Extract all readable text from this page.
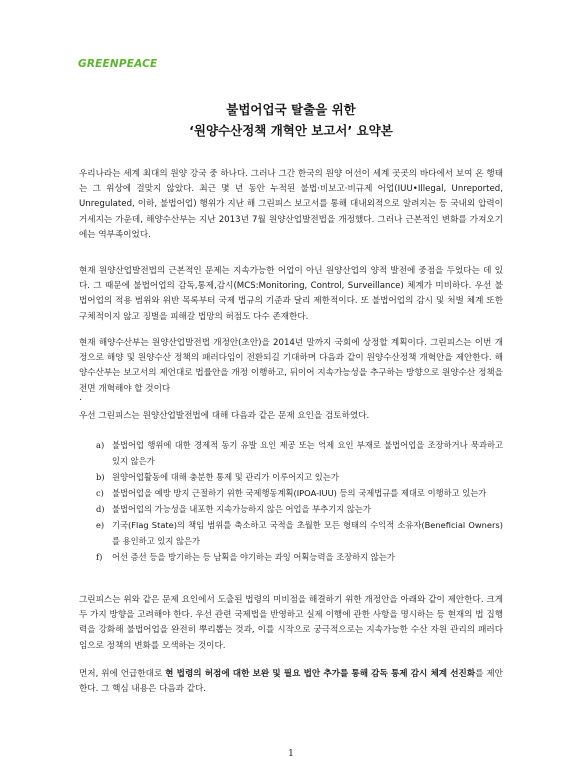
GREENPEACE
불법어업국 탈출을 위한
‘원양수산정책 개혁안 보고서’ 요약본

우리나라는 세계 최대의 원양 강국 중 하나다. 그러나 그간 한국의 원양 어선이 세계 곳곳의 바다에서 보여 온 행태는 그 위상에 걸맞지 않았다. 최근 몇 년 동안 누적된 불법·비보고·비규제 어업(IUU•Illegal, Unreported, Unregulated, 이하, 불법어업) 행위가 지난 해 그린피스 보고서를 통해 대내외적으로 알려지는 등 국내외 압력이 거세지는 가운데, 해양수산부는 지난 2013년 7월 원양산업발전법을 개정했다. 그러나 근본적인 변화를 가져오기에는 역부족이었다.

현재 원양산업발전법의 근본적인 문제는 지속가능한 어업이 아닌 원양산업의 양적 발전에 중점을 두었다는 데 있다. 그 때문에 불법어업의 감독,통제,감시(MCS:Monitoring, Control, Surveillance) 체계가 미비하다. 우선 불법어업의 적용 범위와 위반 목록부터 국제 법규의 기준과 달리 제한적이다. 또 불법어업의 감시 및 처벌 체계 또한 구체적이지 않고 징벌을 피해갈 법망의 허점도 다수 존재한다.

현재 해양수산부는 원양산업발전법 개정안(초안)을 2014년 말까지 국회에 상정할 계획이다. 그린피스는 이번 개정으로 해양 및 원양수산 정책의 패러다임이 전환되길 기대하며 다음과 같이 원양수산정책 개혁안을 제안한다. 해양수산부는 보고서의 제언대로 법률안을 개정 이행하고, 뒤이어 지속가능성을 추구하는 방향으로 원양수산 정책을 전면 개혁해야 할 것이다

.

우선 그린피스는 원양산업발전법에 대해 다음과 같은 문제 요인을 검토하였다.

a) 불법어업 행위에 대한 경제적 동기 유발 요인 제공 또는 억제 요인 부재로 불법어업을 조장하거나 묵과하고 있지 않은가
b) 원양어업활동에 대해 충분한 통제 및 관리가 이루어지고 있는가
c) 불법어업을 예방 방지 근절하기 위한 국제행동계획(IPOA-IUU) 등의 국제법규를 제대로 이행하고 있는가
d) 불법어업의 가능성을 내포한 지속가능하지 않은 어업을 부추기지 않는가
e) 기국(Flag State)의 책임 범위를 축소하고 국적을 초월한 모든 형태의 수익적 소유자(Beneficial Owners)를 용인하고 있지 않은가
f) 어선 증선 등을 방기하는 등 남획을 야기하는 과잉 어획능력을 조장하지 않는가

그린피스는 위와 같은 문제 요인에서 도출된 법령의 미비점을 해결하기 위한 개정안을 아래와 같이 제안한다. 크게 두 가지 방향을 고려해야 한다. 우선 관련 국제법을 반영하고 실제 이행에 관한 사항을 명시하는 등 현재의 법 집행력을 강화해 불법어업을 완전히 뿌리뽑는 것과, 이를 시작으로 궁극적으로는 지속가능한 수산 자원 관리의 패러다임으로 정책의 변화를 모색하는 것이다.

먼저, 위에 언급한대로 현 법령의 허점에 대한 보완 및 필요 법안 추가를 통해 감독 통제 감시 체계 선진화를 제안한다. 그 핵심 내용은 다음과 같다.

1
